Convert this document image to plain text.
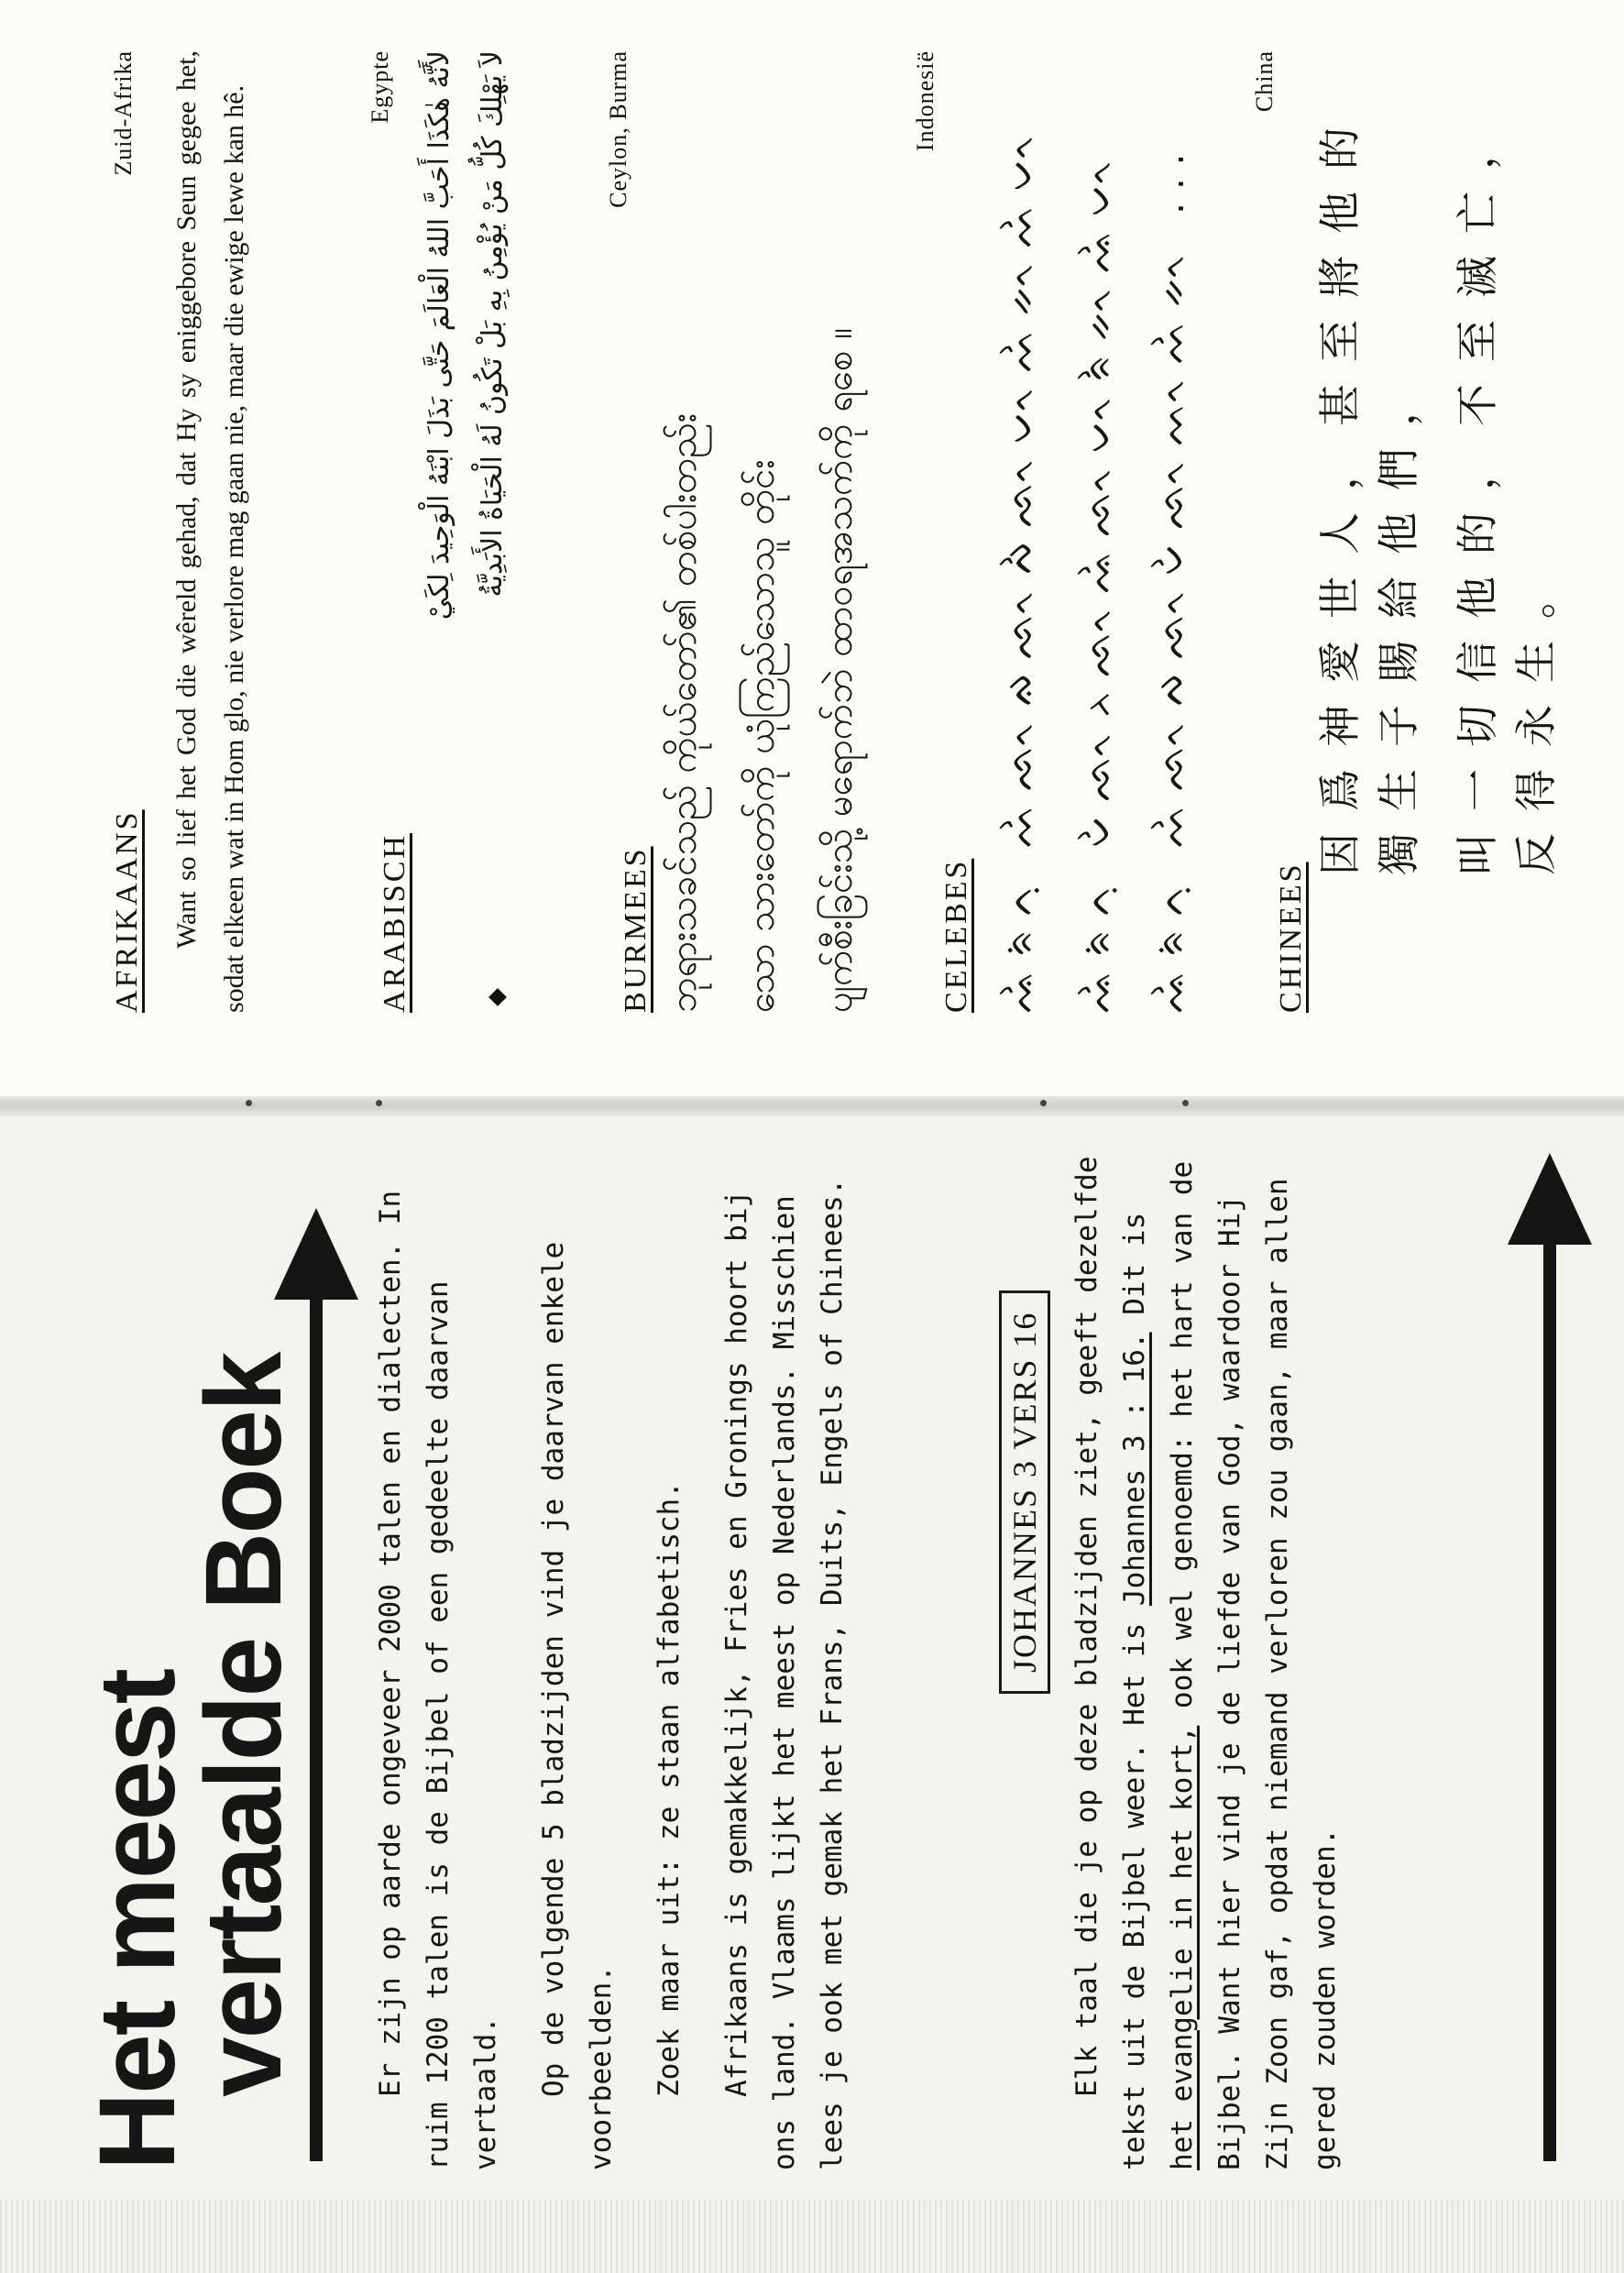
AFRIKAANS
Zuid-Afrika	Want so lief het God die wêreld gehad, dat Hy sy eniggebore Seun gegee het, sodat elkeen wat in Hom glo, nie verlore mag gaan nie, maar die ewige lewe kan hê.	ARABISCH
Egypte لأَنَّهُ هٰكَذَا أَحَبَّ اللهُ الْعَالَمَ حَتَّى بَذَلَ ابْنَهُ الْوَحِيدَ لِكَيْ لاَ يَهْلِكَ كُلُّ مَنْ يُؤْمِنُ بِهِ بَلْ تَكُونُ لَهُ الْحَيَاةُ الأَبَدِيَّةُ
BURMEES
Ceylon, Burma
ဘုရားသခင်သည် ကိုယ်တော်၏ တစ်ပါးတည်း သော သားတော်ကို ယုံကြည်သောသူ တိုင်း ပျက်စီးခြင်းသို့ မရောက်ဘဲ ထာဝရအသက်ကို ရစေ ။	CELEBES
Indonesië
ᨕᨛᨑᨗᨈᨘ ᨓᨛᨒᨚᨁᨒᨚᨄᨛᨒᨚᨆᨚᨓᨛᨀᨚᨓᨛᨆᨚ ᨕᨛᨑᨗᨈᨘ ᨆᨛᨒᨚᨂᨒᨚᨕᨛᨒᨚᨆᨚᨑᨛᨀᨚᨕᨛᨆᨚ ᨕᨛᨑᨗᨈᨘ ᨓᨛᨒᨚᨄᨒᨚᨆᨛᨒᨚᨓᨚᨓᨛᨀᨚ ...	CHINEES
China
因爲神愛世人，甚至將他的獨生子賜給他們， 叫一切信他的，不至滅亡，反得永生。
Het meest
vertaalde Boek Er zijn op aarde ongeveer 2000 talen en dialecten. In ruim 1200 talen is de Bijbel of een gedeelte daarvan vertaald. Op de volgende 5 bladzijden vind je daarvan enkele voorbeelden. Zoek maar uit: ze staan alfabetisch. Afrikaans is gemakkelijk, Fries en Gronings hoort bij ons land. Vlaams lijkt het meest op Nederlands. Misschien lees je ook met gemak het Frans, Duits, Engels of Chinees.	JOHANNES 3 VERS 16 Elk taal die je op deze bladzijden ziet, geeft dezelfde tekst uit de Bijbel weer. Het is Johannes 3 : 16. Dit is het evangelie in het kort, ook wel genoemd: het hart van de Bijbel. Want hier vind je de liefde van God, waardoor Hij Zijn Zoon gaf, opdat niemand verloren zou gaan, maar allen gered zouden worden.
